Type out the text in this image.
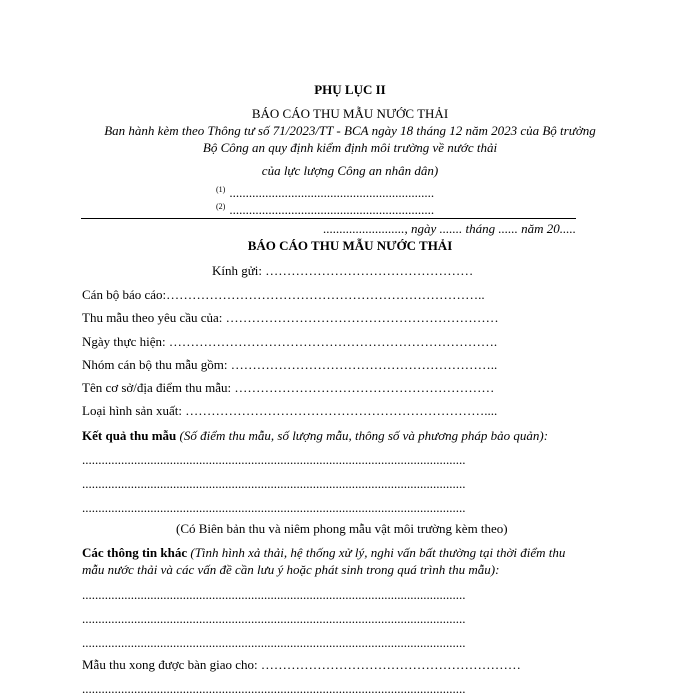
PHỤ LỤC II
BÁO CÁO THU MẪU NƯỚC THẢI
Ban hành kèm theo Thông tư số 71/2023/TT - BCA ngày 18 tháng 12 năm 2023 của Bộ trưởng
Bộ Công an quy định kiểm định môi trường về nước thải
của lực lượng Công an nhân dân)
$^{(1)}$ ...............................................................
$^{(2)}$ ...............................................................
........................., ngày ....... tháng ...... năm 20.....
BÁO CÁO THU MẪU NƯỚC THẢI
Kính gửi: …………………………………………
Cán bộ báo cáo:………………………………………………………………..
Thu mẫu theo yêu cầu của: ………………………………………………………
Ngày thực hiện: ………………………………………………………………….
Nhóm cán bộ thu mẫu gồm: ……………………………………………………..
Tên cơ sở/địa điểm thu mẫu: ……………………………………………………
Loại hình sản xuất: ……………………………………………………………....
Kết quả thu mẫu (Số điểm thu mẫu, số lượng mẫu, thông số và phương pháp bảo quản):
......................................................................................................................
......................................................................................................................
......................................................................................................................
(Có Biên bản thu và niêm phong mẫu vật môi trường kèm theo)
Các thông tin khác (Tình hình xả thải, hệ thống xử lý, nghi vấn bất thường tại thời điểm thu
mẫu nước thải và các vấn đề cần lưu ý hoặc phát sinh trong quá trình thu mẫu):
......................................................................................................................
......................................................................................................................
......................................................................................................................
Mẫu thu xong được bàn giao cho: ……………………………………………………
......................................................................................................................
